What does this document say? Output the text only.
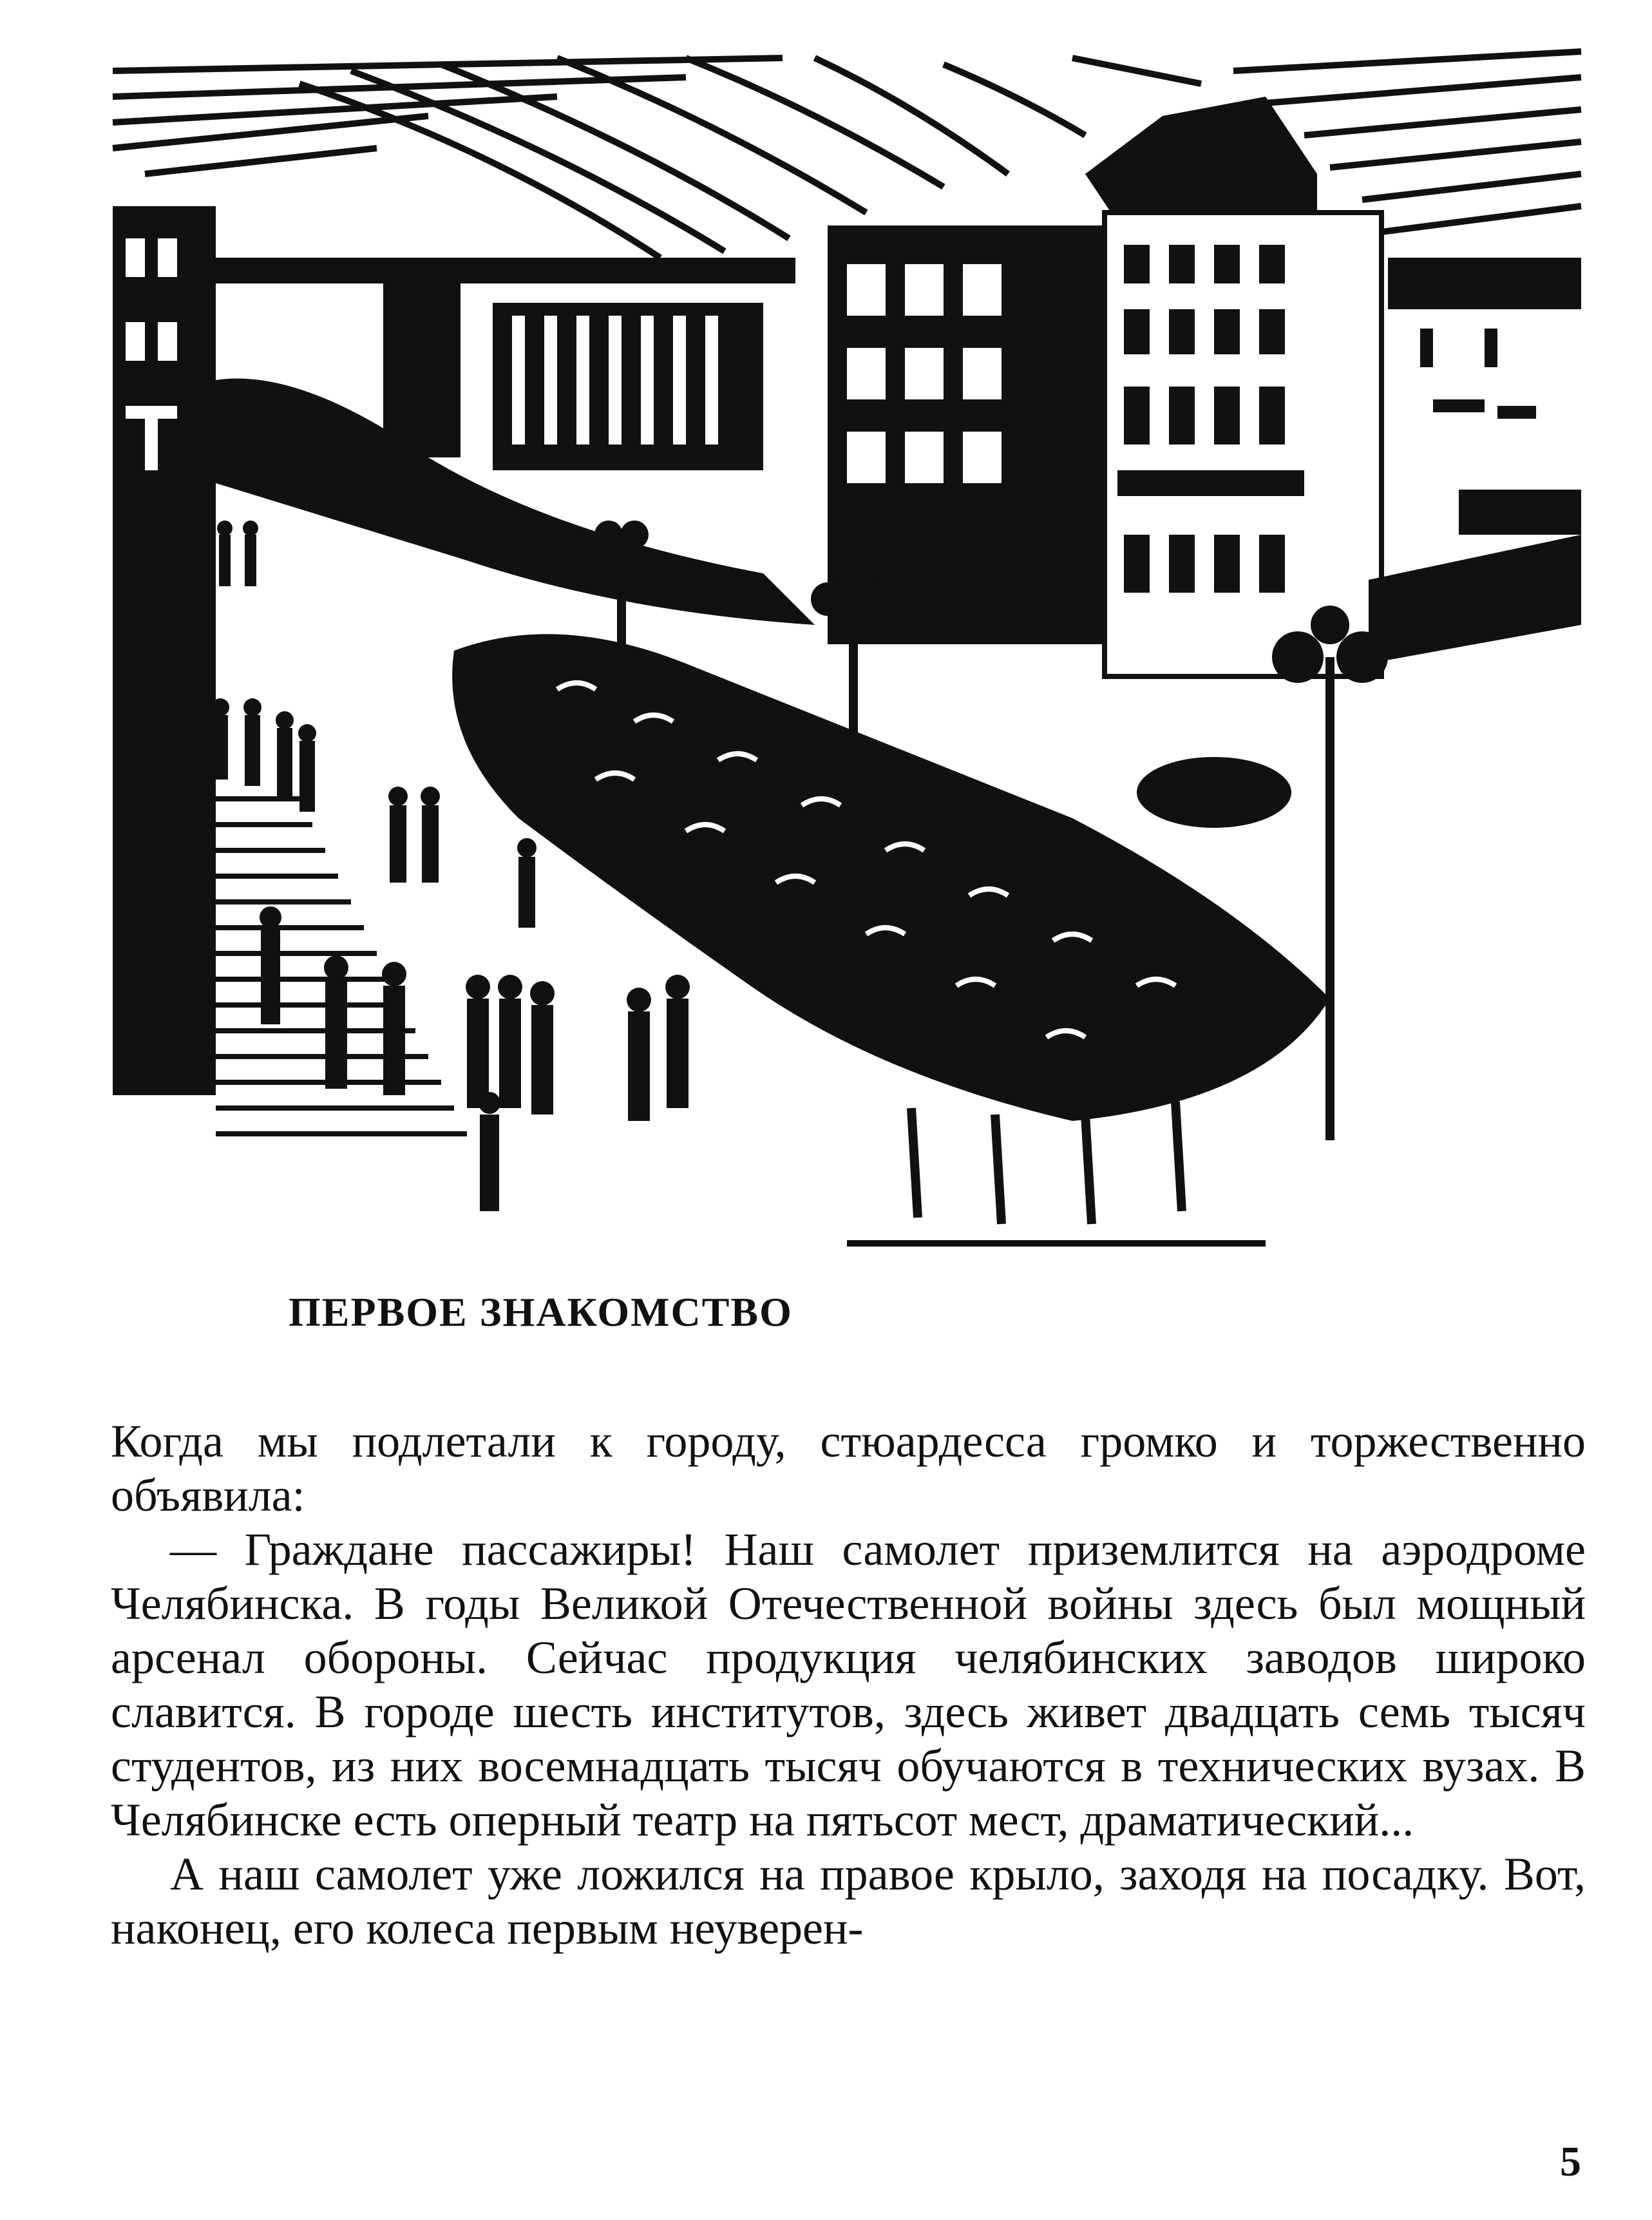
ПЕРВОЕ ЗНАКОМСТВО

Когда мы подлетали к городу, стюардесса громко и торжественно объявила:

— Граждане пассажиры! Наш самолет приземлится на аэродроме Челябинска. В годы Великой Отечественной войны здесь был мощный арсенал обороны. Сейчас продукция челябинских заводов широко славится. В городе шесть институтов, здесь живет двадцать семь тысяч студентов, из них восемнадцать тысяч обучаются в технических вузах. В Челябинске есть оперный театр на пятьсот мест, драматический...

А наш самолет уже ложился на правое крыло, заходя на посадку. Вот, наконец, его колеса первым неуверен-

5
